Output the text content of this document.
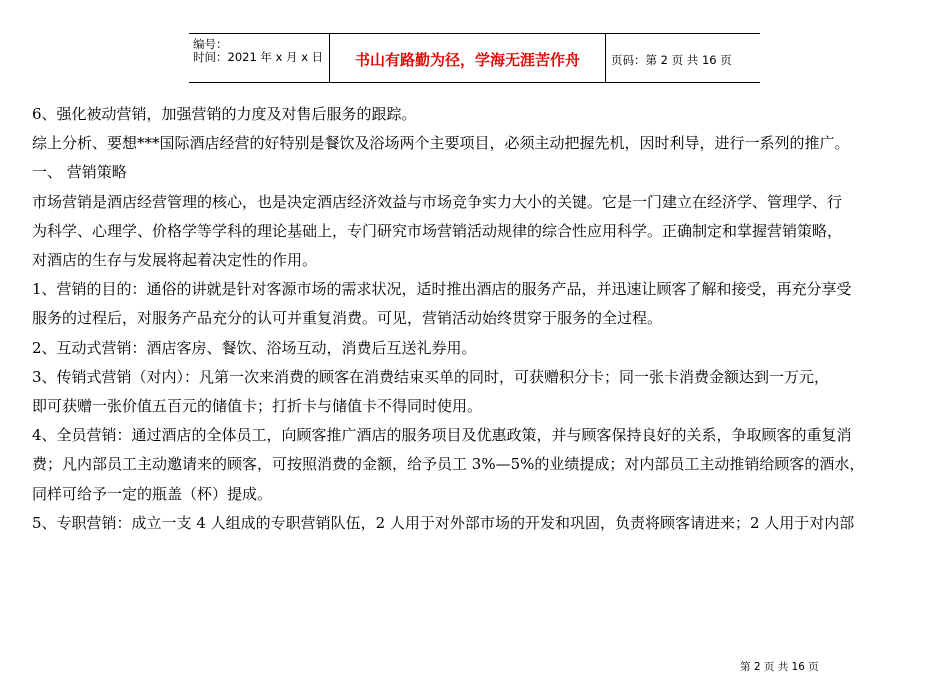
编号：
时间：2021 年 x 月 x 日	书山有路勤为径，学海无涯苦作舟	页码：第 2 页 共 16 页

6、强化被动营销，加强营销的力度及对售后服务的跟踪。

综上分析、要想***国际酒店经营的好特别是餐饮及浴场两个主要项目，必须主动把握先机，因时利导，进行一系列的推广。

一、 营销策略

市场营销是酒店经营管理的核心，也是决定酒店经济效益与市场竞争实力大小的关键。它是一门建立在经济学、管理学、行

为科学、心理学、价格学等学科的理论基础上，专门研究市场营销活动规律的综合性应用科学。正确制定和掌握营销策略，

对酒店的生存与发展将起着决定性的作用。

1、营销的目的：通俗的讲就是针对客源市场的需求状况，适时推出酒店的服务产品，并迅速让顾客了解和接受，再充分享受

服务的过程后，对服务产品充分的认可并重复消费。可见，营销活动始终贯穿于服务的全过程。

2、互动式营销：酒店客房、餐饮、浴场互动，消费后互送礼券用。

3、传销式营销（对内）：凡第一次来消费的顾客在消费结束买单的同时，可获赠积分卡；同一张卡消费金额达到一万元，

即可获赠一张价值五百元的储值卡；打折卡与储值卡不得同时使用。

4、全员营销：通过酒店的全体员工，向顾客推广酒店的服务项目及优惠政策，并与顾客保持良好的关系，争取顾客的重复消

费；凡内部员工主动邀请来的顾客，可按照消费的金额，给予员工 3%—5%的业绩提成；对内部员工主动推销给顾客的酒水，

同样可给予一定的瓶盖（杯）提成。

5、专职营销：成立一支 4 人组成的专职营销队伍，2 人用于对外部市场的开发和巩固，负责将顾客请进来；2 人用于对内部

第 2 页 共 16 页
